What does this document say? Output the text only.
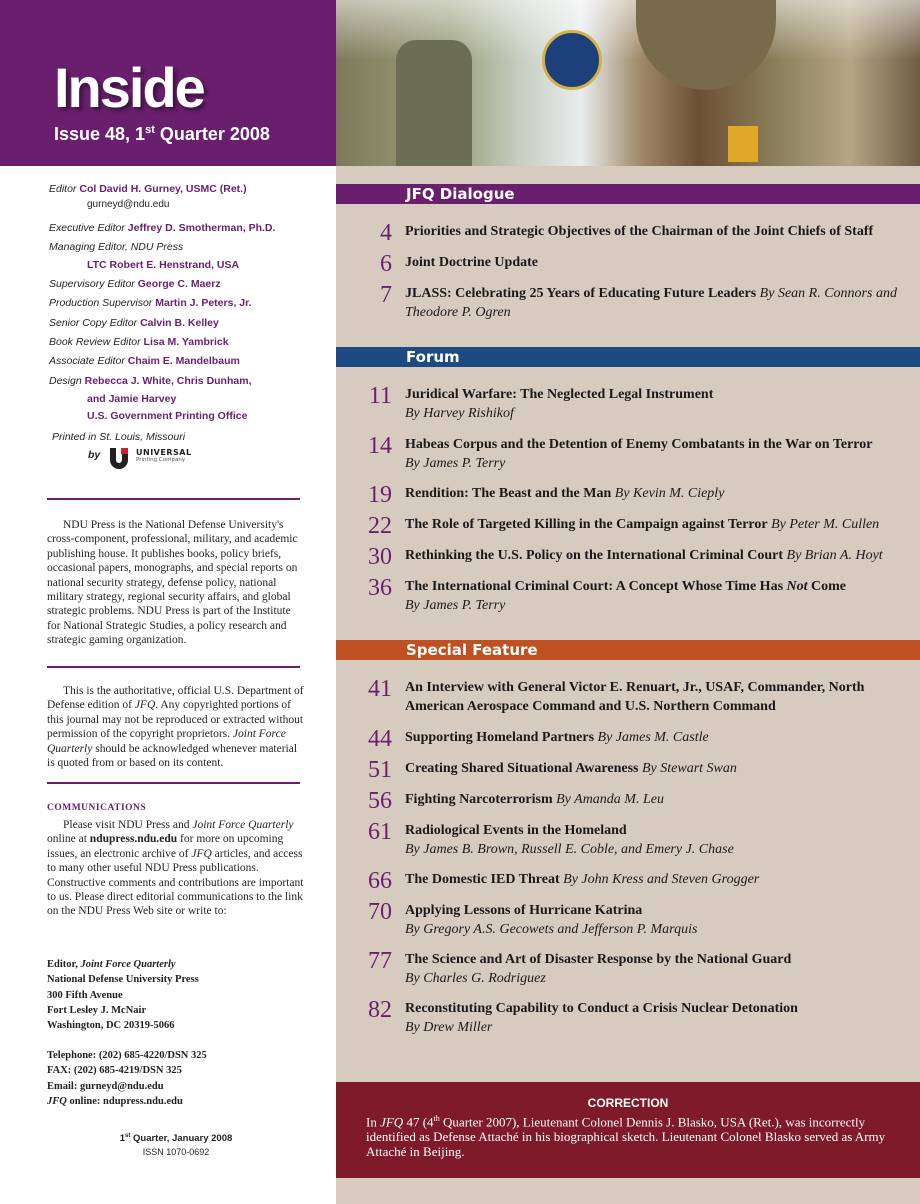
Inside
Issue 48, 1st Quarter 2008
JFQ Dialogue
4 Priorities and Strategic Objectives of the Chairman of the Joint Chiefs of Staff
6 Joint Doctrine Update
7 JLASS: Celebrating 25 Years of Educating Future Leaders By Sean R. Connors and Theodore P. Ogren
Forum
11 Juridical Warfare: The Neglected Legal Instrument
By Harvey Rishikof
14 Habeas Corpus and the Detention of Enemy Combatants in the War on Terror
By James P. Terry
19 Rendition: The Beast and the Man By Kevin M. Cieply
22 The Role of Targeted Killing in the Campaign against Terror By Peter M. Cullen
30 Rethinking the U.S. Policy on the International Criminal Court By Brian A. Hoyt
36 The International Criminal Court: A Concept Whose Time Has Not Come
By James P. Terry
Special Feature
41 An Interview with General Victor E. Renuart, Jr., USAF, Commander, North American Aerospace Command and U.S. Northern Command
44 Supporting Homeland Partners By James M. Castle
51 Creating Shared Situational Awareness By Stewart Swan
56 Fighting Narcoterrorism By Amanda M. Leu
61 Radiological Events in the Homeland
By James B. Brown, Russell E. Coble, and Emery J. Chase
66 The Domestic IED Threat By John Kress and Steven Grogger
70 Applying Lessons of Hurricane Katrina
By Gregory A.S. Gecowets and Jefferson P. Marquis
77 The Science and Art of Disaster Response by the National Guard
By Charles G. Rodriguez
82 Reconstituting Capability to Conduct a Crisis Nuclear Detonation
By Drew Miller
CORRECTION
In JFQ 47 (4th Quarter 2007), Lieutenant Colonel Dennis J. Blasko, USA (Ret.), was incorrectly identified as Defense Attaché in his biographical sketch. Lieutenant Colonel Blasko served as Army Attaché in Beijing.
Editor Col David H. Gurney, USMC (Ret.)
gurneyd@ndu.edu
Executive Editor Jeffrey D. Smotherman, Ph.D.
Managing Editor, NDU Press
LTC Robert E. Henstrand, USA
Supervisory Editor George C. Maerz
Production Supervisor Martin J. Peters, Jr.
Senior Copy Editor Calvin B. Kelley
Book Review Editor Lisa M. Yambrick
Associate Editor Chaim E. Mandelbaum
Design Rebecca J. White, Chris Dunham,
and Jamie Harvey
U.S. Government Printing Office
Printed in St. Louis, Missouri
by	UNIVERSAL
Printing Company
NDU Press is the National Defense University's cross-component, professional, military, and academic publishing house. It publishes books, policy briefs, occasional papers, monographs, and special reports on national security strategy, defense policy, national military strategy, regional security affairs, and global strategic problems. NDU Press is part of the Institute for National Strategic Studies, a policy research and strategic gaming organization.
This is the authoritative, official U.S. Department of Defense edition of JFQ. Any copyrighted portions of this journal may not be reproduced or extracted without permission of the copyright proprietors. Joint Force Quarterly should be acknowledged whenever material is quoted from or based on its content.
COMMUNICATIONS
Please visit NDU Press and Joint Force Quarterly online at ndupress.ndu.edu for more on upcoming issues, an electronic archive of JFQ articles, and access to many other useful NDU Press publications. Constructive comments and contributions are important to us. Please direct editorial communications to the link on the NDU Press Web site or write to:
Editor, Joint Force Quarterly
National Defense University Press
300 Fifth Avenue
Fort Lesley J. McNair
Washington, DC 20319-5066
Telephone: (202) 685-4220/DSN 325
FAX: (202) 685-4219/DSN 325
Email: gurneyd@ndu.edu
JFQ online: ndupress.ndu.edu
1st Quarter, January 2008
ISSN 1070-0692
